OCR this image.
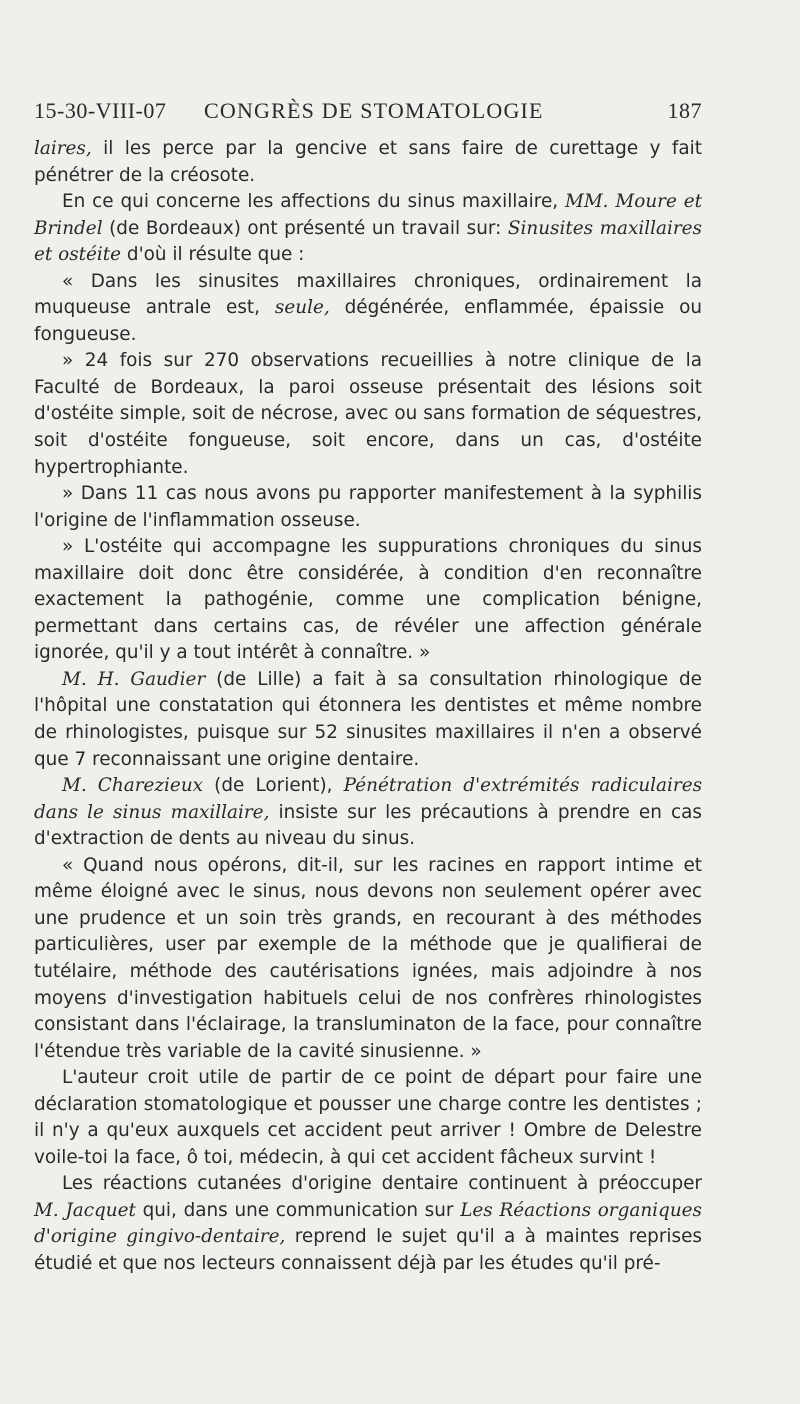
15-30-VIII-07 CONGRÈS DE STOMATOLOGIE	187

laires, il les perce par la gencive et sans faire de curettage y fait pénétrer de la créosote.

En ce qui concerne les affections du sinus maxillaire, MM. Moure et Brindel (de Bordeaux) ont présenté un travail sur: Sinusites maxillaires et ostéite d'où il résulte que :

« Dans les sinusites maxillaires chroniques, ordinairement la muqueuse antrale est, seule, dégénérée, enflammée, épaissie ou fongueuse.

» 24 fois sur 270 observations recueillies à notre clinique de la Faculté de Bordeaux, la paroi osseuse présentait des lésions soit d'ostéite simple, soit de nécrose, avec ou sans formation de séquestres, soit d'ostéite fongueuse, soit encore, dans un cas, d'ostéite hypertrophiante.

» Dans 11 cas nous avons pu rapporter manifestement à la syphilis l'origine de l'inflammation osseuse.

» L'ostéite qui accompagne les suppurations chroniques du sinus maxillaire doit donc être considérée, à condition d'en reconnaître exactement la pathogénie, comme une complication bénigne, permettant dans certains cas, de révéler une affection générale ignorée, qu'il y a tout intérêt à connaître. »

M. H. Gaudier (de Lille) a fait à sa consultation rhinologique de l'hôpital une constatation qui étonnera les dentistes et même nombre de rhinologistes, puisque sur 52 sinusites maxillaires il n'en a observé que 7 reconnaissant une origine dentaire.

M. Charezieux (de Lorient), Pénétration d'extrémités radiculaires dans le sinus maxillaire, insiste sur les précautions à prendre en cas d'extraction de dents au niveau du sinus.

« Quand nous opérons, dit-il, sur les racines en rapport intime et même éloigné avec le sinus, nous devons non seulement opérer avec une prudence et un soin très grands, en recourant à des méthodes particulières, user par exemple de la méthode que je qualifierai de tutélaire, méthode des cautérisations ignées, mais adjoindre à nos moyens d'investigation habituels celui de nos confrères rhinologistes consistant dans l'éclairage, la transluminaton de la face, pour connaître l'étendue très variable de la cavité sinusienne. »

L'auteur croit utile de partir de ce point de départ pour faire une déclaration stomatologique et pousser une charge contre les dentistes ; il n'y a qu'eux auxquels cet accident peut arriver ! Ombre de Delestre voile-toi la face, ô toi, médecin, à qui cet accident fâcheux survint !

Les réactions cutanées d'origine dentaire continuent à préoccuper M. Jacquet qui, dans une communication sur Les Réactions organiques d'origine gingivo-dentaire, reprend le sujet qu'il a à maintes reprises étudié et que nos lecteurs connaissent déjà par les études qu'il pré-
